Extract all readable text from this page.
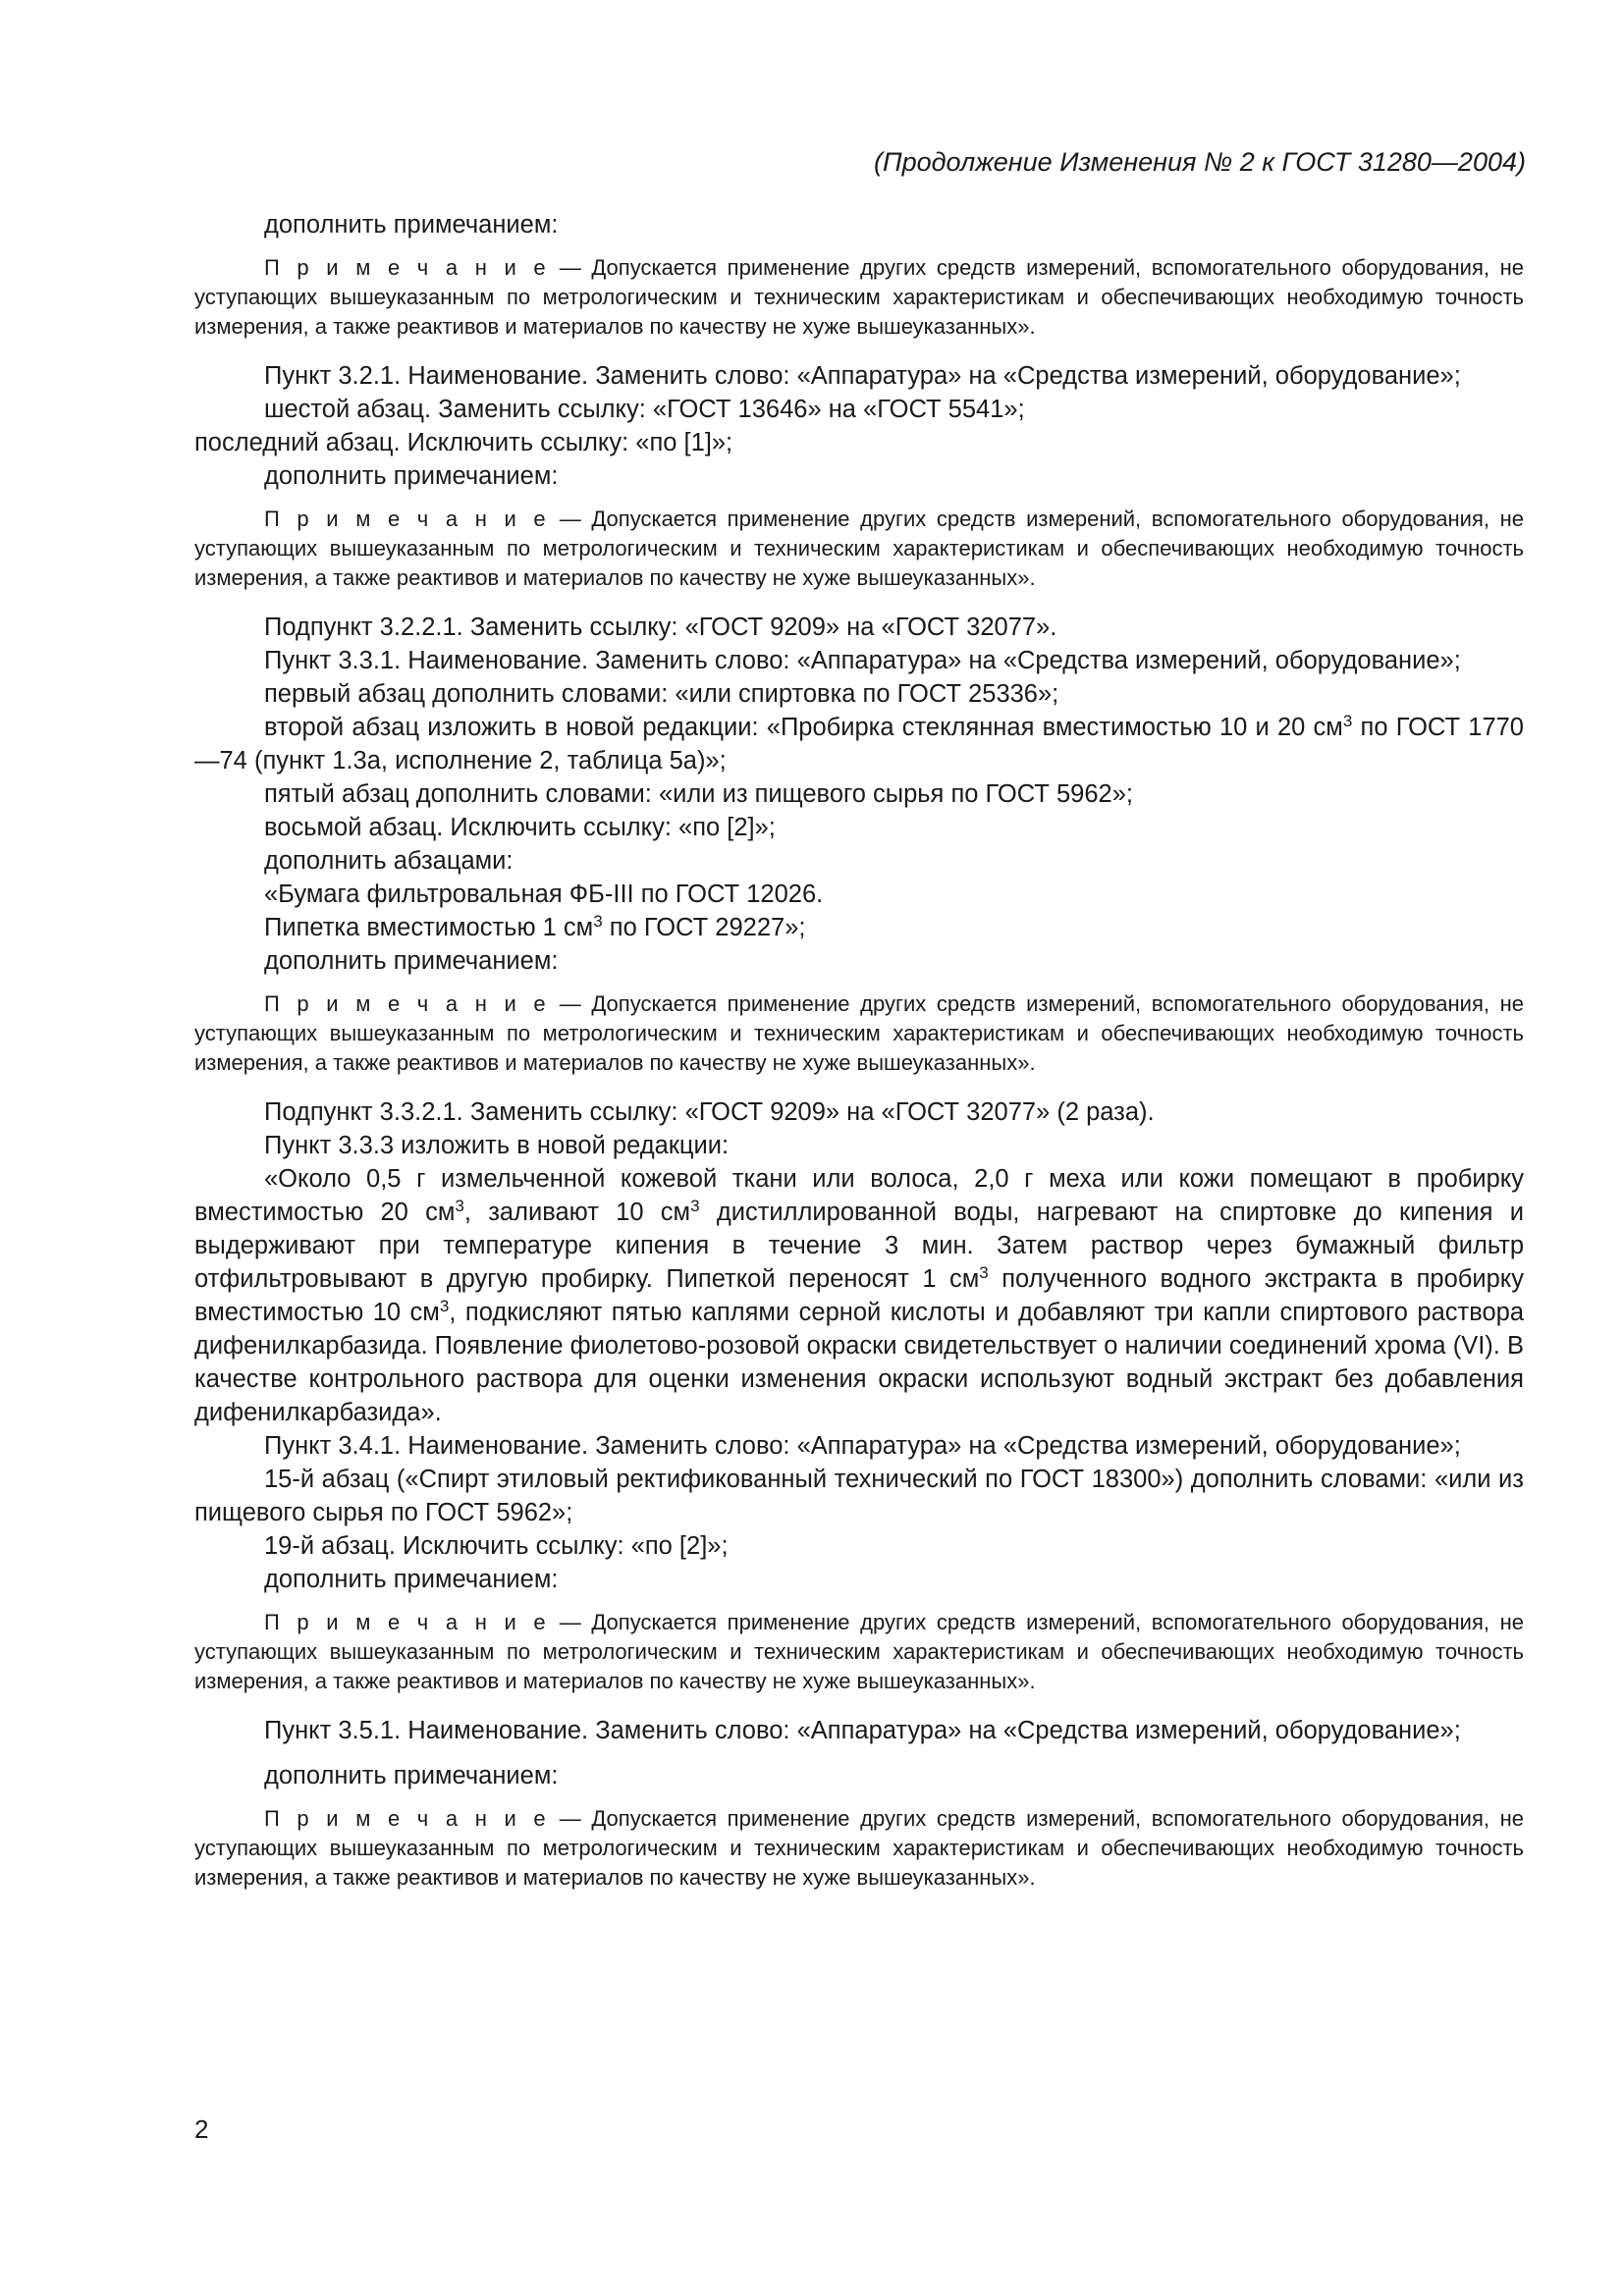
(Продолжение Изменения № 2 к ГОСТ 31280—2004)

дополнить примечанием:

П р и м е ч а н и е — Допускается применение других средств измерений, вспомогательного оборудования, не уступающих вышеуказанным по метрологическим и техническим характеристикам и обеспечивающих необходимую точность измерения, а также реактивов и материалов по качеству не хуже вышеуказанных».

Пункт 3.2.1. Наименование. Заменить слово: «Аппаратура» на «Средства измерений, оборудование»;

шестой абзац. Заменить ссылку: «ГОСТ 13646» на «ГОСТ 5541»;

последний абзац. Исключить ссылку: «по [1]»;

дополнить примечанием:

П р и м е ч а н и е — Допускается применение других средств измерений, вспомогательного оборудования, не уступающих вышеуказанным по метрологическим и техническим характеристикам и обеспечивающих необходимую точность измерения, а также реактивов и материалов по качеству не хуже вышеуказанных».

Подпункт 3.2.2.1. Заменить ссылку: «ГОСТ 9209» на «ГОСТ 32077».

Пункт 3.3.1. Наименование. Заменить слово: «Аппаратура» на «Средства измерений, оборудование»;

первый абзац дополнить словами: «или спиртовка по ГОСТ 25336»;

второй абзац изложить в новой редакции: «Пробирка стеклянная вместимостью 10 и 20 $см^3$ по ГОСТ 1770—74 (пункт 1.3а, исполнение 2, таблица 5а)»;

пятый абзац дополнить словами: «или из пищевого сырья по ГОСТ 5962»;

восьмой абзац. Исключить ссылку: «по [2]»;

дополнить абзацами:

«Бумага фильтровальная ФБ-III по ГОСТ 12026.

Пипетка вместимостью 1 $см^3$ по ГОСТ 29227»;

дополнить примечанием:

П р и м е ч а н и е — Допускается применение других средств измерений, вспомогательного оборудования, не уступающих вышеуказанным по метрологическим и техническим характеристикам и обеспечивающих необходимую точность измерения, а также реактивов и материалов по качеству не хуже вышеуказанных».

Подпункт 3.3.2.1. Заменить ссылку: «ГОСТ 9209» на «ГОСТ 32077» (2 раза).

Пункт 3.3.3 изложить в новой редакции:

«Около 0,5 г измельченной кожевой ткани или волоса, 2,0 г меха или кожи помещают в пробирку вместимостью 20 $см^3$, заливают 10 $см^3$ дистиллированной воды, нагревают на спиртовке до кипения и выдерживают при температуре кипения в течение 3 мин. Затем раствор через бумажный фильтр отфильтровывают в другую пробирку. Пипеткой переносят 1 $см^3$ полученного водного экстракта в пробирку вместимостью 10 $см^3$, подкисляют пятью каплями серной кислоты и добавляют три капли спиртового раствора дифенилкарбазида. Появление фиолетово-розовой окраски свидетельствует о наличии соединений хрома (VI). В качестве контрольного раствора для оценки изменения окраски используют водный экстракт без добавления дифенилкарбазида».

Пункт 3.4.1. Наименование. Заменить слово: «Аппаратура» на «Средства измерений, оборудование»;

15-й абзац («Спирт этиловый ректификованный технический по ГОСТ 18300») дополнить словами: «или из пищевого сырья по ГОСТ 5962»;

19-й абзац. Исключить ссылку: «по [2]»;

дополнить примечанием:

П р и м е ч а н и е — Допускается применение других средств измерений, вспомогательного оборудования, не уступающих вышеуказанным по метрологическим и техническим характеристикам и обеспечивающих необходимую точность измерения, а также реактивов и материалов по качеству не хуже вышеуказанных».

Пункт 3.5.1. Наименование. Заменить слово: «Аппаратура» на «Средства измерений, оборудование»;

дополнить примечанием:

П р и м е ч а н и е — Допускается применение других средств измерений, вспомогательного оборудования, не уступающих вышеуказанным по метрологическим и техническим характеристикам и обеспечивающих необходимую точность измерения, а также реактивов и материалов по качеству не хуже вышеуказанных».

2
